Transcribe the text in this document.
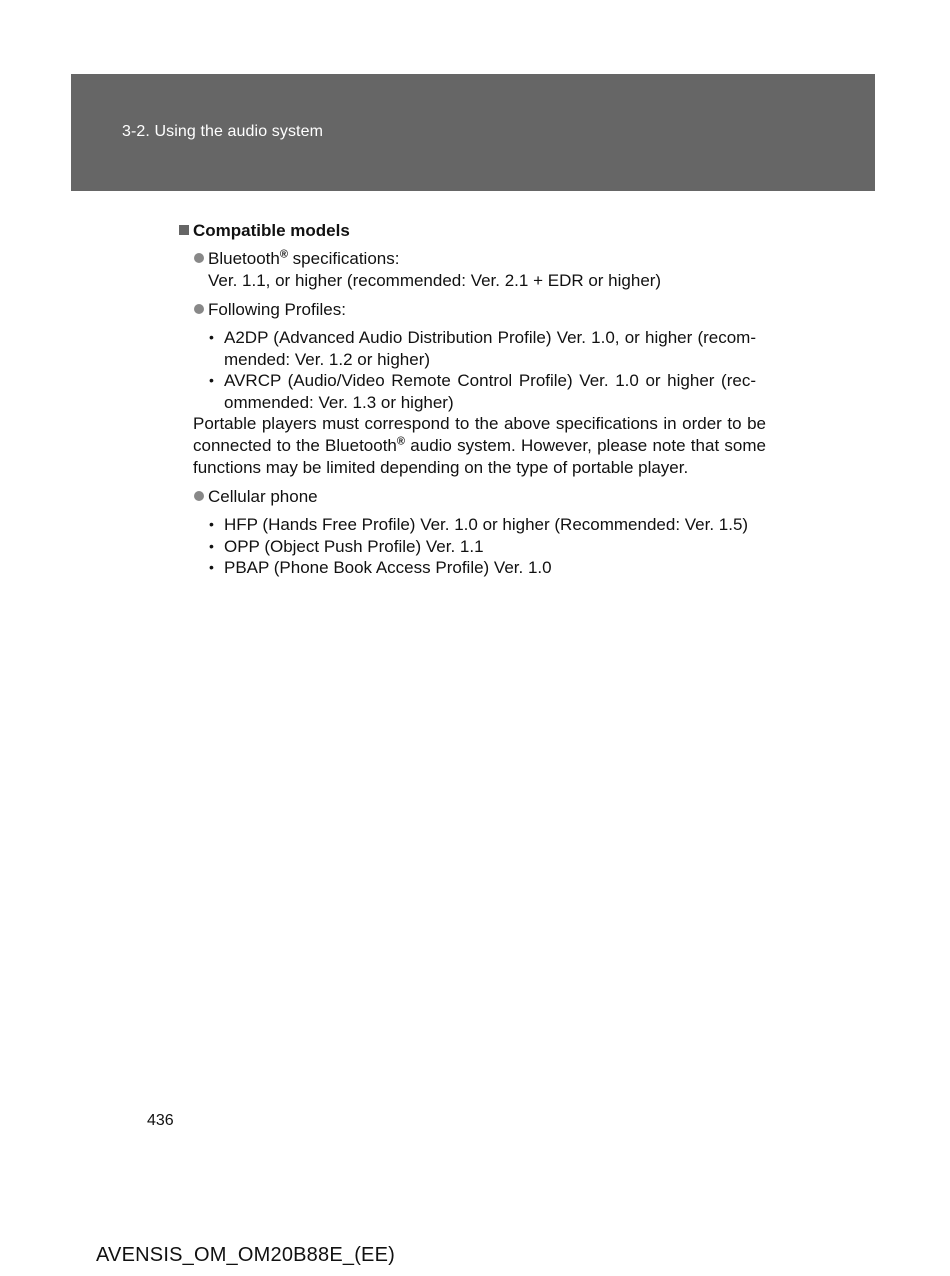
3-2. Using the audio system
Compatible models
Bluetooth® specifications:
Ver. 1.1, or higher (recommended: Ver. 2.1 + EDR or higher)
Following Profiles:
• A2DP (Advanced Audio Distribution Profile) Ver. 1.0, or higher (recom-
mended: Ver. 1.2 or higher)
• AVRCP (Audio/Video Remote Control Profile) Ver. 1.0 or higher (rec-
ommended: Ver. 1.3 or higher)
Portable players must correspond to the above specifications in order to be
connected to the Bluetooth® audio system. However, please note that some
functions may be limited depending on the type of portable player.
Cellular phone
• HFP (Hands Free Profile) Ver. 1.0 or higher (Recommended: Ver. 1.5)
• OPP (Object Push Profile) Ver. 1.1
• PBAP (Phone Book Access Profile) Ver. 1.0
436
AVENSIS_OM_OM20B88E_(EE)
